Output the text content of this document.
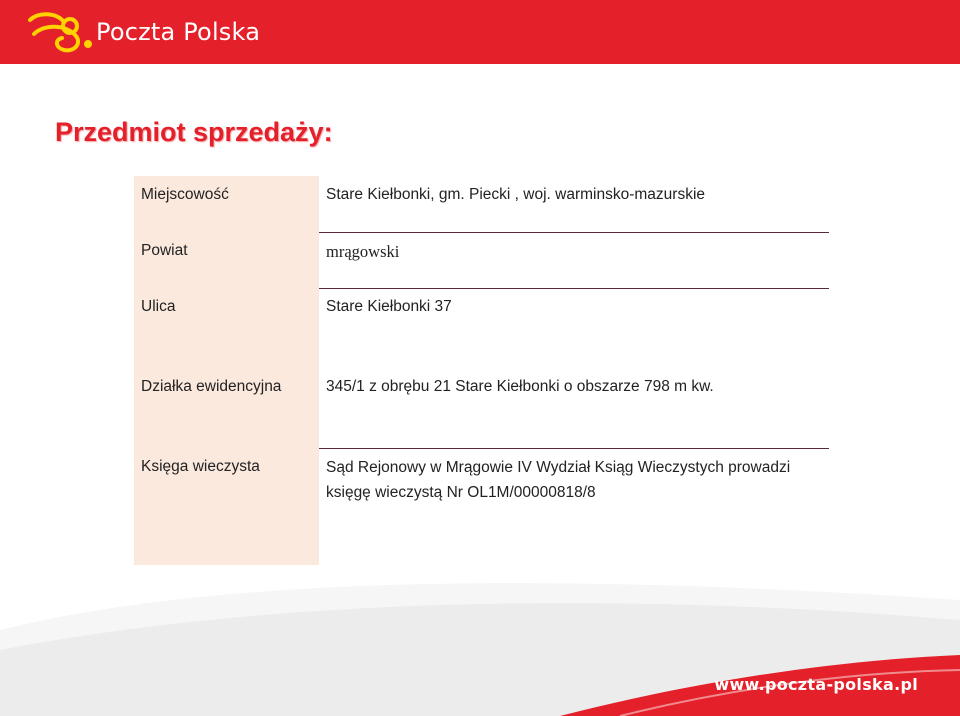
Poczta Polska
Przedmiot sprzedaży:
Miejscowość	Stare Kiełbonki, gm. Piecki , woj. warminsko-mazurskie
Powiat	mrągowski
Ulica	Stare Kiełbonki 37
Działka ewidencyjna	345/1 z obrębu 21 Stare Kiełbonki o obszarze 798 m kw.
Księga wieczysta	Sąd Rejonowy w Mrągowie IV Wydział Ksiąg Wieczystych prowadzi
księgę wieczystą Nr OL1M/00000818/8
www.poczta-polska.pl
